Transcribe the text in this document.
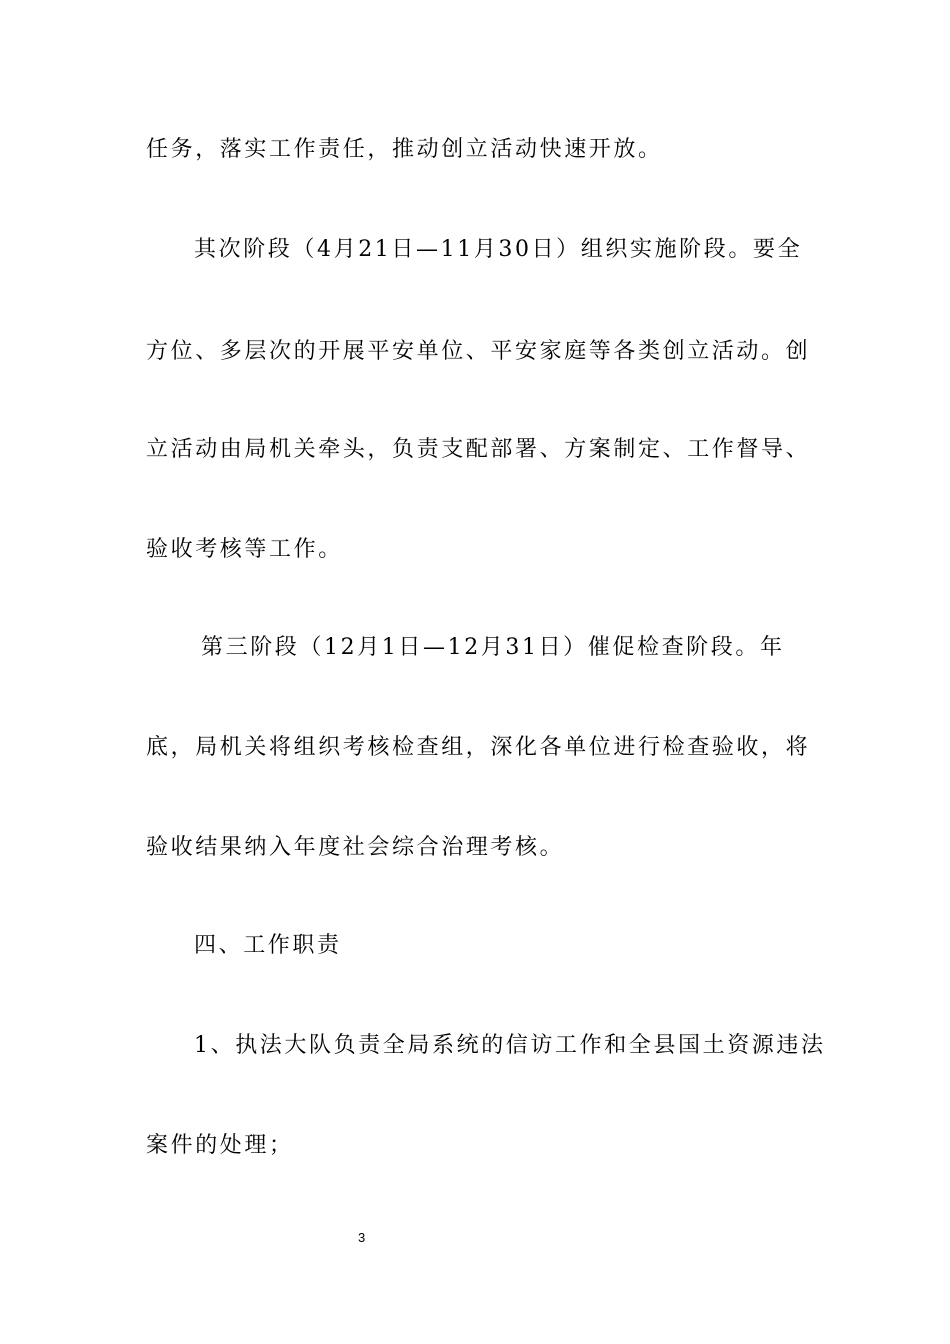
任务，落实工作责任，推动创立活动快速开放。
其次阶段（4月21日—11月30日）组织实施阶段。要全
方位、多层次的开展平安单位、平安家庭等各类创立活动。创
立活动由局机关牵头，负责支配部署、方案制定、工作督导、
验收考核等工作。
第三阶段（12月1日—12月31日）催促检查阶段。年
底，局机关将组织考核检查组，深化各单位进行检查验收，将
验收结果纳入年度社会综合治理考核。
四、工作职责
1、执法大队负责全局系统的信访工作和全县国土资源违法
案件的处理；
3
